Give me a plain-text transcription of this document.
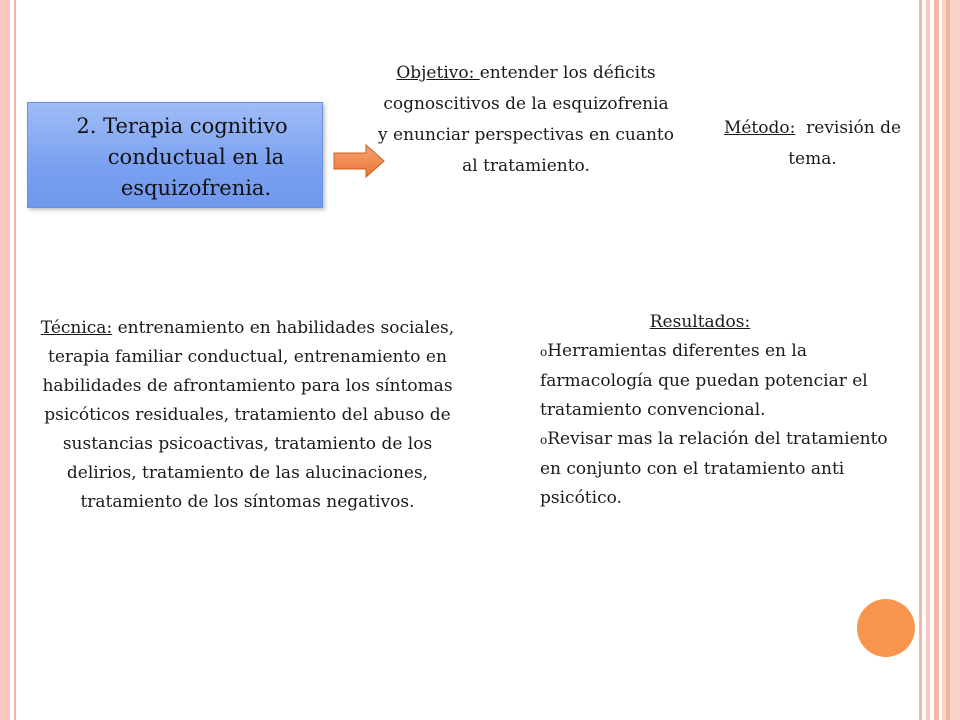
2. Terapia cognitivo conductual en la esquizofrenia.
Objetivo: entender los déficits cognoscitivos de la esquizofrenia y enunciar perspectivas en cuanto al tratamiento.
Método:  revisión de tema.
Técnica: entrenamiento en habilidades sociales, terapia familiar conductual, entrenamiento en habilidades de afrontamiento para los síntomas psicóticos residuales, tratamiento del abuso de sustancias psicoactivas, tratamiento de los delirios, tratamiento de las alucinaciones, tratamiento de los síntomas negativos.
Resultados:
oHerramientas diferentes en la farmacología que puedan potenciar el tratamiento convencional.
oRevisar mas la relación del tratamiento en conjunto con el tratamiento anti psicótico.
